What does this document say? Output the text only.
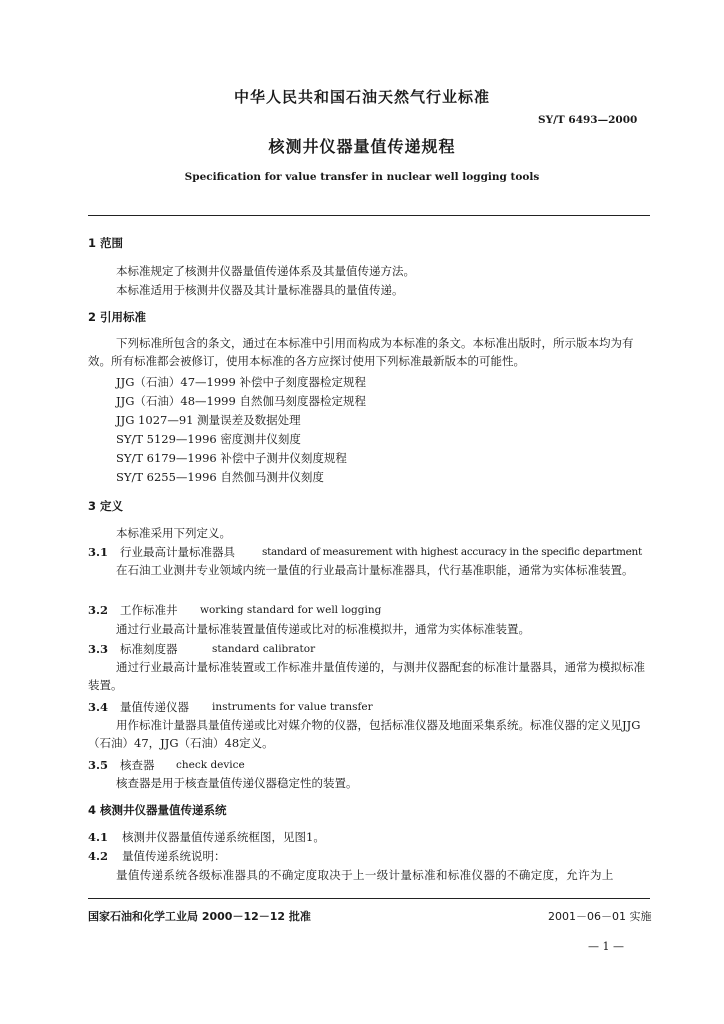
中华人民共和国石油天然气行业标准
SY/T 6493—2000
核测井仪器量值传递规程
Specification for value transfer in nuclear well logging tools
1 范围
本标准规定了核测井仪器量值传递体系及其量值传递方法。
本标准适用于核测井仪器及其计量标准器具的量值传递。
2 引用标准
下列标准所包含的条文，通过在本标准中引用而构成为本标准的条文。本标准出版时，所示版本均为有效。所有标准都会被修订，使用本标准的各方应探讨使用下列标准最新版本的可能性。
JJG（石油）47—1999 补偿中子刻度器检定规程
JJG（石油）48—1999 自然伽马刻度器检定规程
JJG 1027—91 测量误差及数据处理
SY/T 5129—1996 密度测井仪刻度
SY/T 6179—1996 补偿中子测井仪刻度规程
SY/T 6255—1996 自然伽马测井仪刻度
3 定义
本标准采用下列定义。
3.1 行业最高计量标准器具	standard of measurement with highest accuracy in the specific department
在石油工业测井专业领域内统一量值的行业最高计量标准器具，代行基准职能，通常为实体标准装置。
3.2 工作标准井 working standard for well logging
通过行业最高计量标准装置量值传递或比对的标准模拟井，通常为实体标准装置。
3.3 标准刻度器	standard calibrator
通过行业最高计量标准装置或工作标准井量值传递的，与测井仪器配套的标准计量器具，通常为模拟标准装置。
3.4 量值传递仪器 instruments for value transfer
用作标准计量器具量值传递或比对媒介物的仪器，包括标准仪器及地面采集系统。标准仪器的定义见JJG（石油）47，JJG（石油）48定义。
3.5 核查器 check device
核查器是用于核查量值传递仪器稳定性的装置。
4 核测井仪器量值传递系统
4.1 核测井仪器量值传递系统框图，见图1。
4.2 量值传递系统说明：
量值传递系统各级标准器具的不确定度取决于上一级计量标准和标准仪器的不确定度，允许为上
国家石油和化学工业局 2000－12－12 批准	2001－06－01 实施
— 1 —
